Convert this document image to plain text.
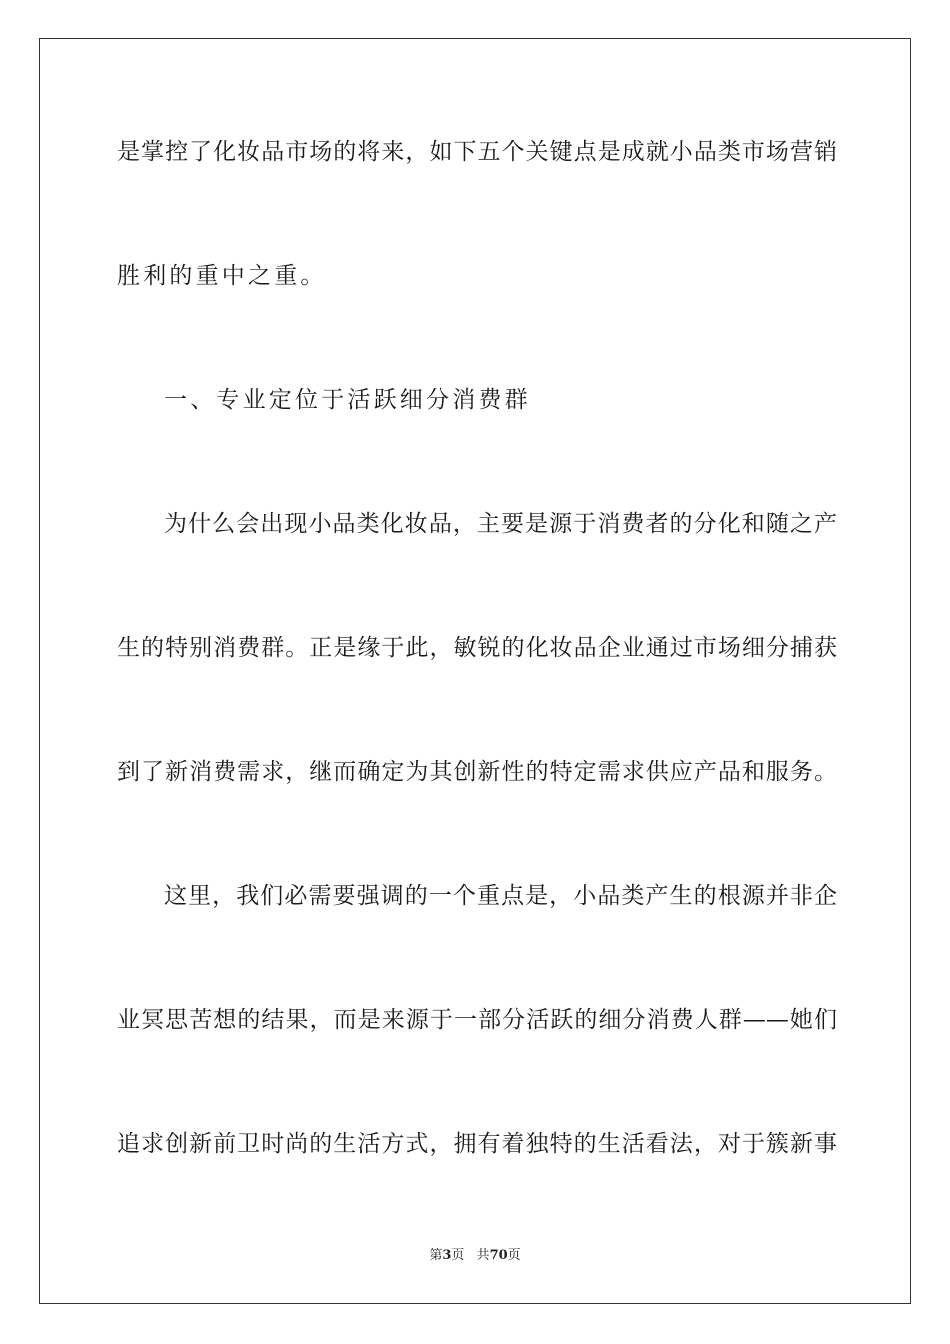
是掌控了化妆品市场的将来，如下五个关键点是成就小品类市场营销
胜利的重中之重。
一、专业定位于活跃细分消费群
为什么会出现小品类化妆品，主要是源于消费者的分化和随之产
生的特别消费群。正是缘于此，敏锐的化妆品企业通过市场细分捕获
到了新消费需求，继而确定为其创新性的特定需求供应产品和服务。
这里，我们必需要强调的一个重点是，小品类产生的根源并非企
业冥思苦想的结果，而是来源于一部分活跃的细分消费人群——她们
追求创新前卫时尚的生活方式，拥有着独特的生活看法，对于簇新事
第3页 共70页
